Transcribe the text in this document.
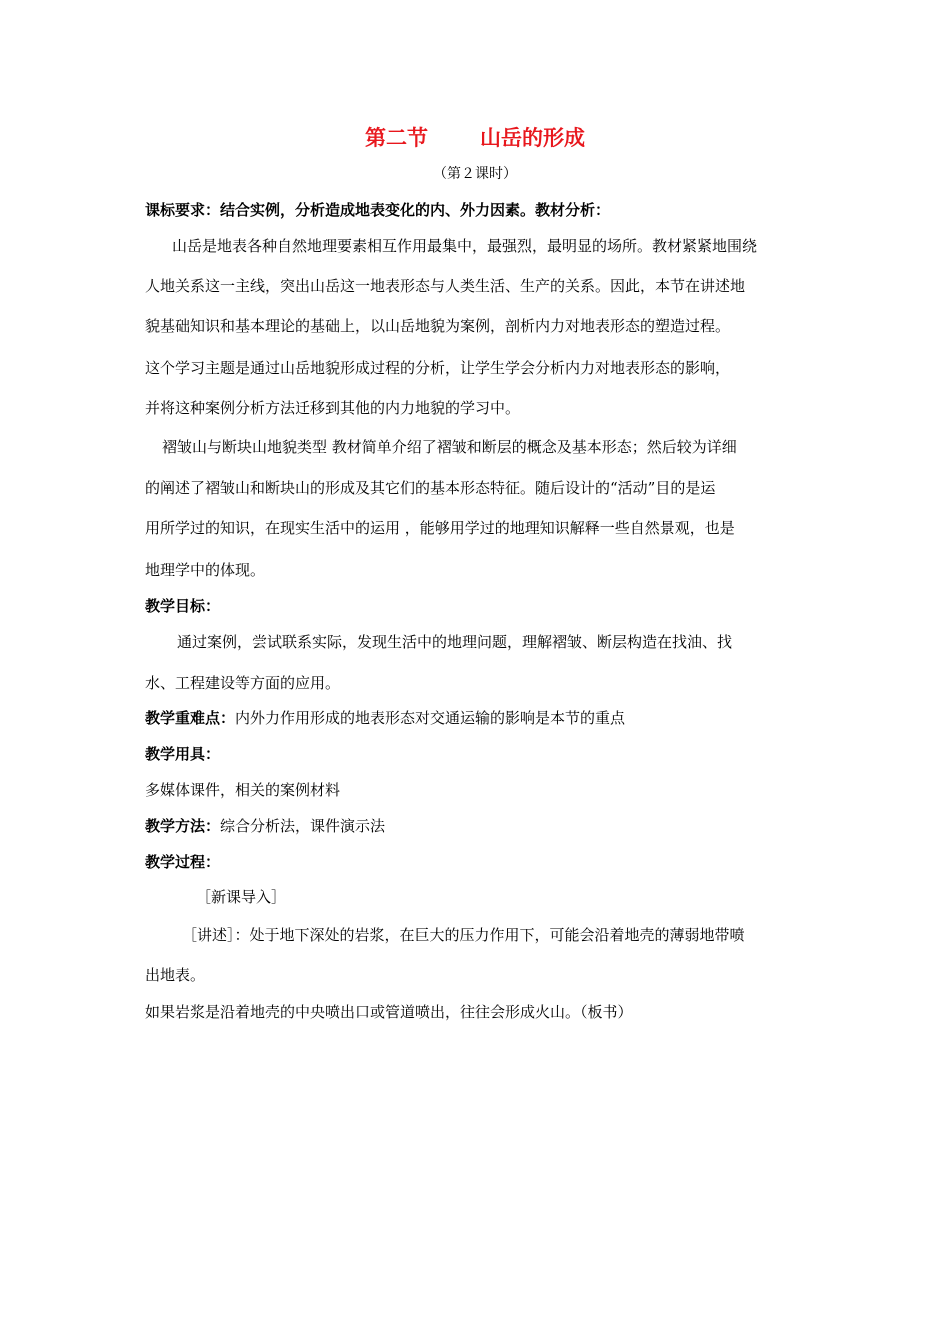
第二节 山岳的形成
（第２课时）
课标要求：结合实例，分析造成地表变化的内、外力因素。教材分析：
山岳是地表各种自然地理要素相互作用最集中，最强烈，最明显的场所。教材紧紧地围绕
人地关系这一主线，突出山岳这一地表形态与人类生活、生产的关系。因此，本节在讲述地
貌基础知识和基本理论的基础上，以山岳地貌为案例，剖析内力对地表形态的塑造过程。
这个学习主题是通过山岳地貌形成过程的分析，让学生学会分析内力对地表形态的影响，
并将这种案例分析方法迁移到其他的内力地貌的学习中。
褶皱山与断块山地貌类型 教材简单介绍了褶皱和断层的概念及基本形态；然后较为详细
的阐述了褶皱山和断块山的形成及其它们的基本形态特征。随后设计的“活动”目的是运
用所学过的知识，在现实生活中的运用 ，能够用学过的地理知识解释一些自然景观，也是
地理学中的体现。
教学目标：
通过案例，尝试联系实际，发现生活中的地理问题，理解褶皱、断层构造在找油、找
水、工程建设等方面的应用。
教学重难点：内外力作用形成的地表形态对交通运输的影响是本节的重点
教学用具：
多媒体课件，相关的案例材料
教学方法：综合分析法，课件演示法
教学过程：
［新课导入］
［讲述］：处于地下深处的岩浆，在巨大的压力作用下，可能会沿着地壳的薄弱地带喷
出地表。
如果岩浆是沿着地壳的中央喷出口或管道喷出，往往会形成火山。（板书）
